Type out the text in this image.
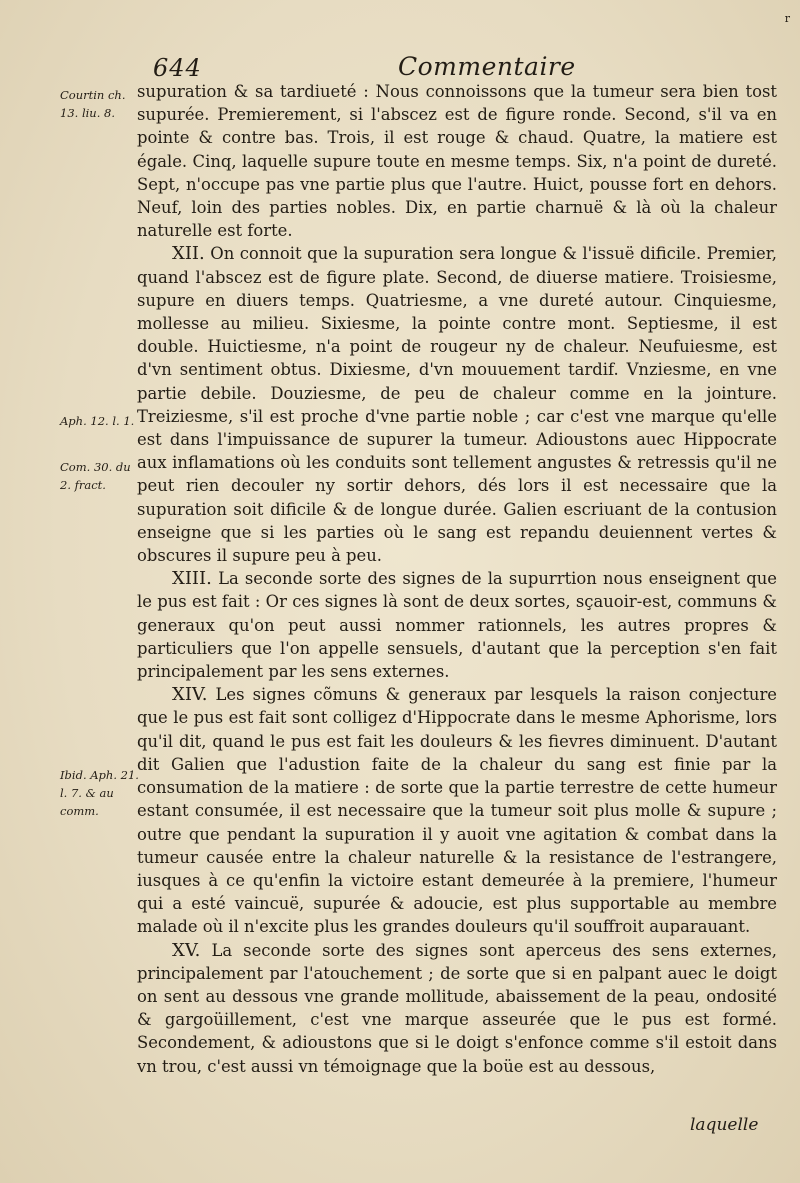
644	Commentaire
r
Courtin ch. 13. liu. 8.
Aph. 12. l. 1.
Com. 30. du 2. fract.
Ibid. Aph. 21. l. 7. & au comm.

supuration & sa tardiueté : Nous connoissons que la tumeur sera bien tost supurée. Premierement, si l'abscez est de figure ronde. Second, s'il va en pointe & contre bas. Trois, il est rouge & chaud. Quatre, la matiere est égale. Cinq, laquelle supure toute en mesme temps. Six, n'a point de dureté. Sept, n'occupe pas vne partie plus que l'autre. Huict, pousse fort en dehors. Neuf, loin des parties nobles. Dix, en partie charnuë & là où la chaleur naturelle est forte.

XII. On connoit que la supuration sera longue & l'issuë dificile. Premier, quand l'abscez est de figure plate. Second, de diuerse matiere. Troisiesme, supure en diuers temps. Quatriesme, a vne dureté autour. Cinquiesme, mollesse au milieu. Sixiesme, la pointe contre mont. Septiesme, il est double. Huictiesme, n'a point de rougeur ny de chaleur. Neufuiesme, est d'vn sentiment obtus. Dixiesme, d'vn mouuement tardif. Vnziesme, en vne partie debile. Douziesme, de peu de chaleur comme en la jointure. Treiziesme, s'il est proche d'vne partie noble ; car c'est vne marque qu'elle est dans l'impuissance de supurer la tumeur. Adioustons auec Hippocrate aux inflamations où les conduits sont tellement angustes & retressis qu'il ne peut rien decouler ny sortir dehors, dés lors il est necessaire que la supuration soit dificile & de longue durée. Galien escriuant de la contusion enseigne que si les parties où le sang est repandu deuiennent vertes & obscures il supure peu à peu.

XIII. La seconde sorte des signes de la supurrtion nous enseignent que le pus est fait : Or ces signes là sont de deux sortes, sçauoir-est, communs & generaux qu'on peut aussi nommer rationnels, les autres propres & particuliers que l'on appelle sensuels, d'autant que la perception s'en fait principalement par les sens externes.

XIV. Les signes cõmuns & generaux par lesquels la raison conjecture que le pus est fait sont colligez d'Hippocrate dans le mesme Aphorisme, lors qu'il dit, quand le pus est fait les douleurs & les fievres diminuent. D'autant dit Galien que l'adustion faite de la chaleur du sang est finie par la consumation de la matiere : de sorte que la partie terrestre de cette humeur estant consumée, il est necessaire que la tumeur soit plus molle & supure ; outre que pendant la supuration il y auoit vne agitation & combat dans la tumeur causée entre la chaleur naturelle & la resistance de l'estrangere, iusques à ce qu'enfin la victoire estant demeurée à la premiere, l'humeur qui a esté vaincuë, supurée & adoucie, est plus supportable au membre malade où il n'excite plus les grandes douleurs qu'il souffroit auparauant.

XV. La seconde sorte des signes sont aperceus des sens externes, principalement par l'atouchement ; de sorte que si en palpant auec le doigt on sent au dessous vne grande mollitude, abaissement de la peau, ondosité & gargoüillement, c'est vne marque asseurée que le pus est formé. Secondement, & adioustons que si le doigt s'enfonce comme s'il estoit dans vn trou, c'est aussi vn témoignage que la boüe est au dessous,

laquelle
